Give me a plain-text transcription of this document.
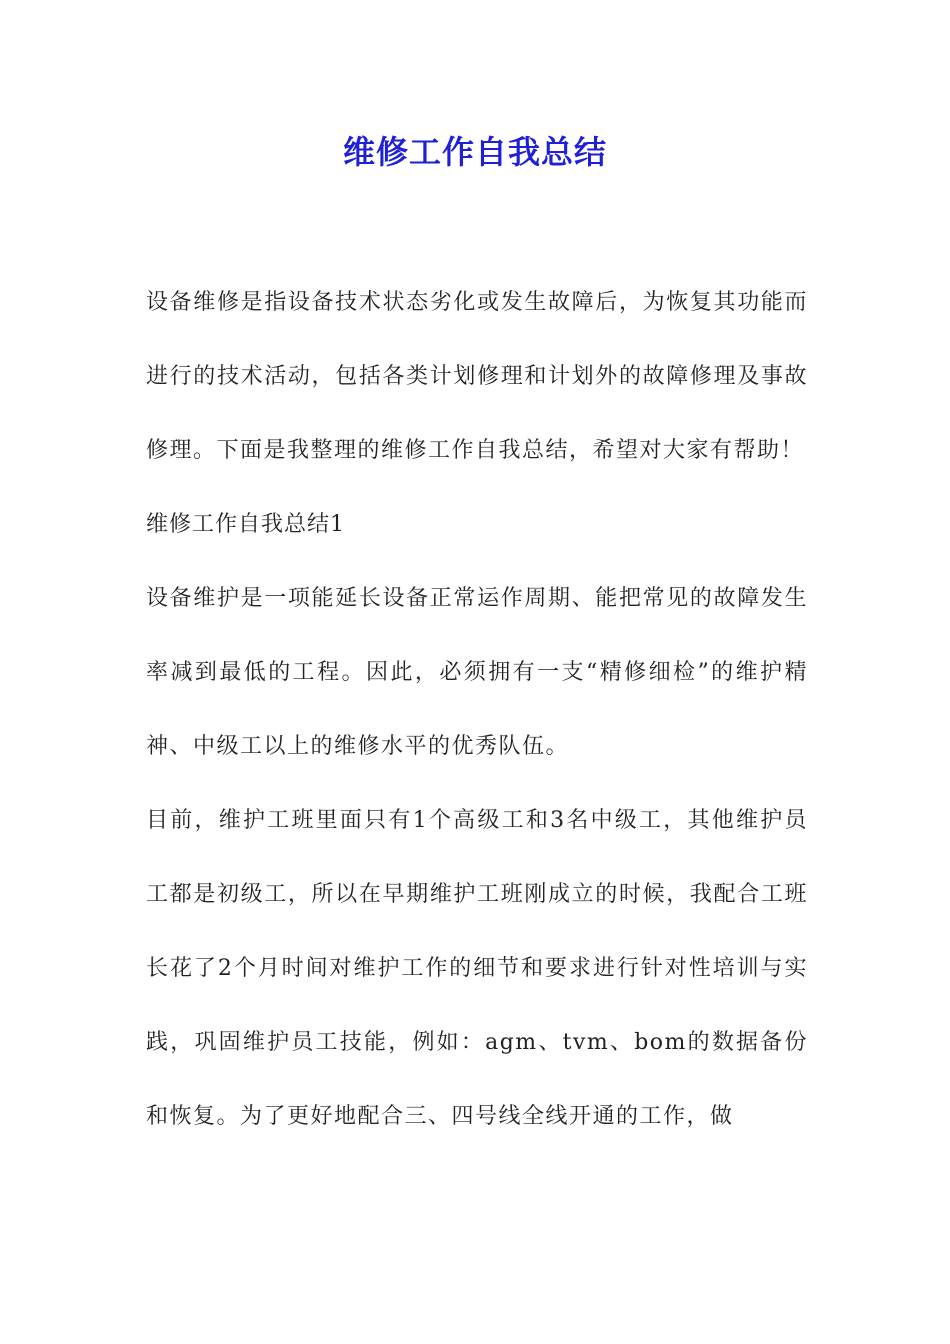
维修工作自我总结

设备维修是指设备技术状态劣化或发生故障后，为恢复其功能而进行的技术活动，包括各类计划修理和计划外的故障修理及事故修理。下面是我整理的维修工作自我总结，希望对大家有帮助！

维修工作自我总结1

设备维护是一项能延长设备正常运作周期、能把常见的故障发生率减到最低的工程。因此，必须拥有一支“精修细检”的维护精神、中级工以上的维修水平的优秀队伍。

目前，维护工班里面只有1个高级工和3名中级工，其他维护员工都是初级工，所以在早期维护工班刚成立的时候，我配合工班长花了2个月时间对维护工作的细节和要求进行针对性培训与实践，巩固维护员工技能，例如：agm、tvm、bom的数据备份和恢复。为了更好地配合三、四号线全线开通的工作，做
